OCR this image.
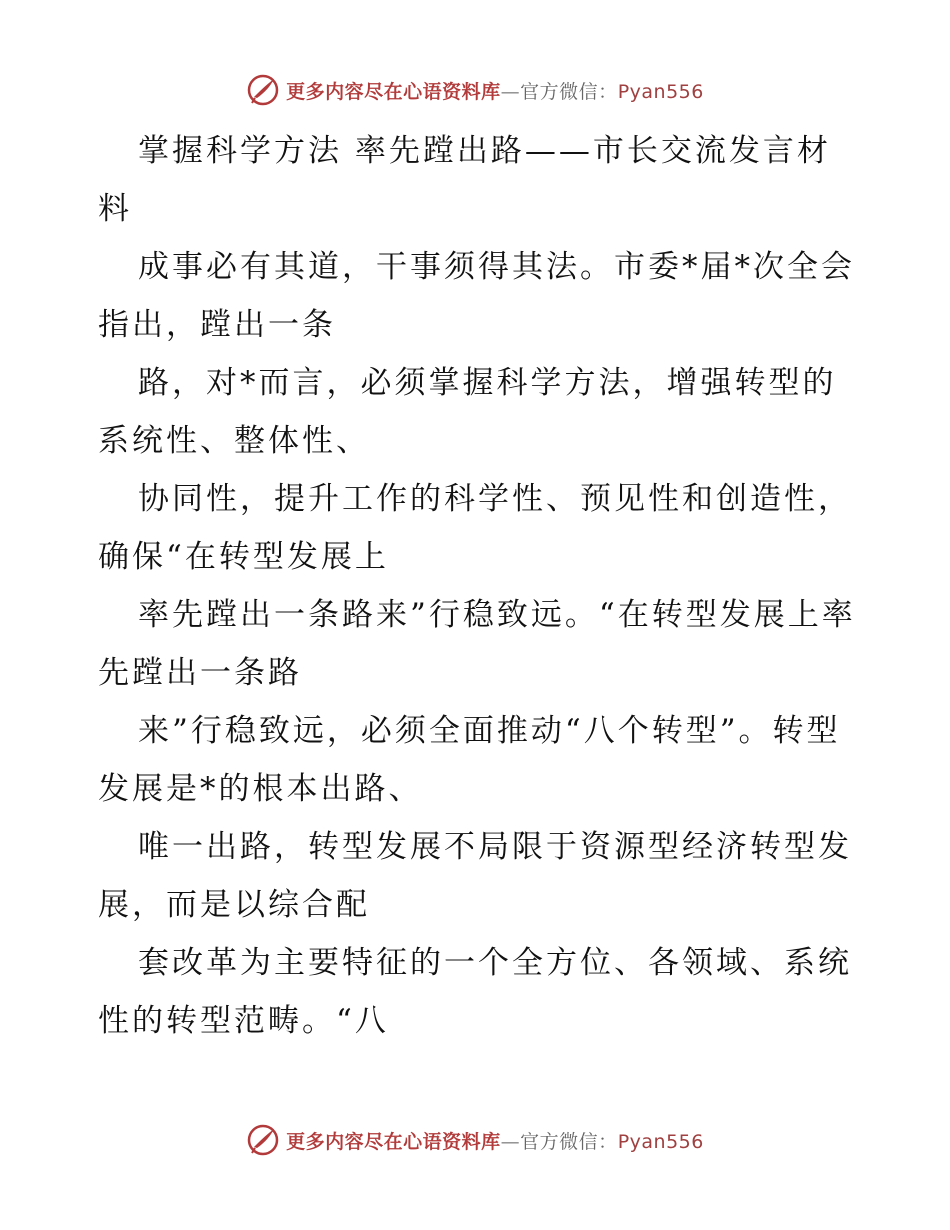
更多内容尽在心语资料库—官方微信：Pyan556

掌握科学方法 率先蹚出路——市长交流发言材料

成事必有其道，干事须得其法。市委*届*次全会指出，蹚出一条

路，对*而言，必须掌握科学方法，增强转型的系统性、整体性、

协同性，提升工作的科学性、预见性和创造性，确保“在转型发展上

率先蹚出一条路来”行稳致远。“在转型发展上率先蹚出一条路

来”行稳致远，必须全面推动“八个转型”。转型发展是*的根本出路、

唯一出路，转型发展不局限于资源型经济转型发展，而是以综合配

套改革为主要特征的一个全方位、各领域、系统性的转型范畴。“八

更多内容尽在心语资料库—官方微信：Pyan556
